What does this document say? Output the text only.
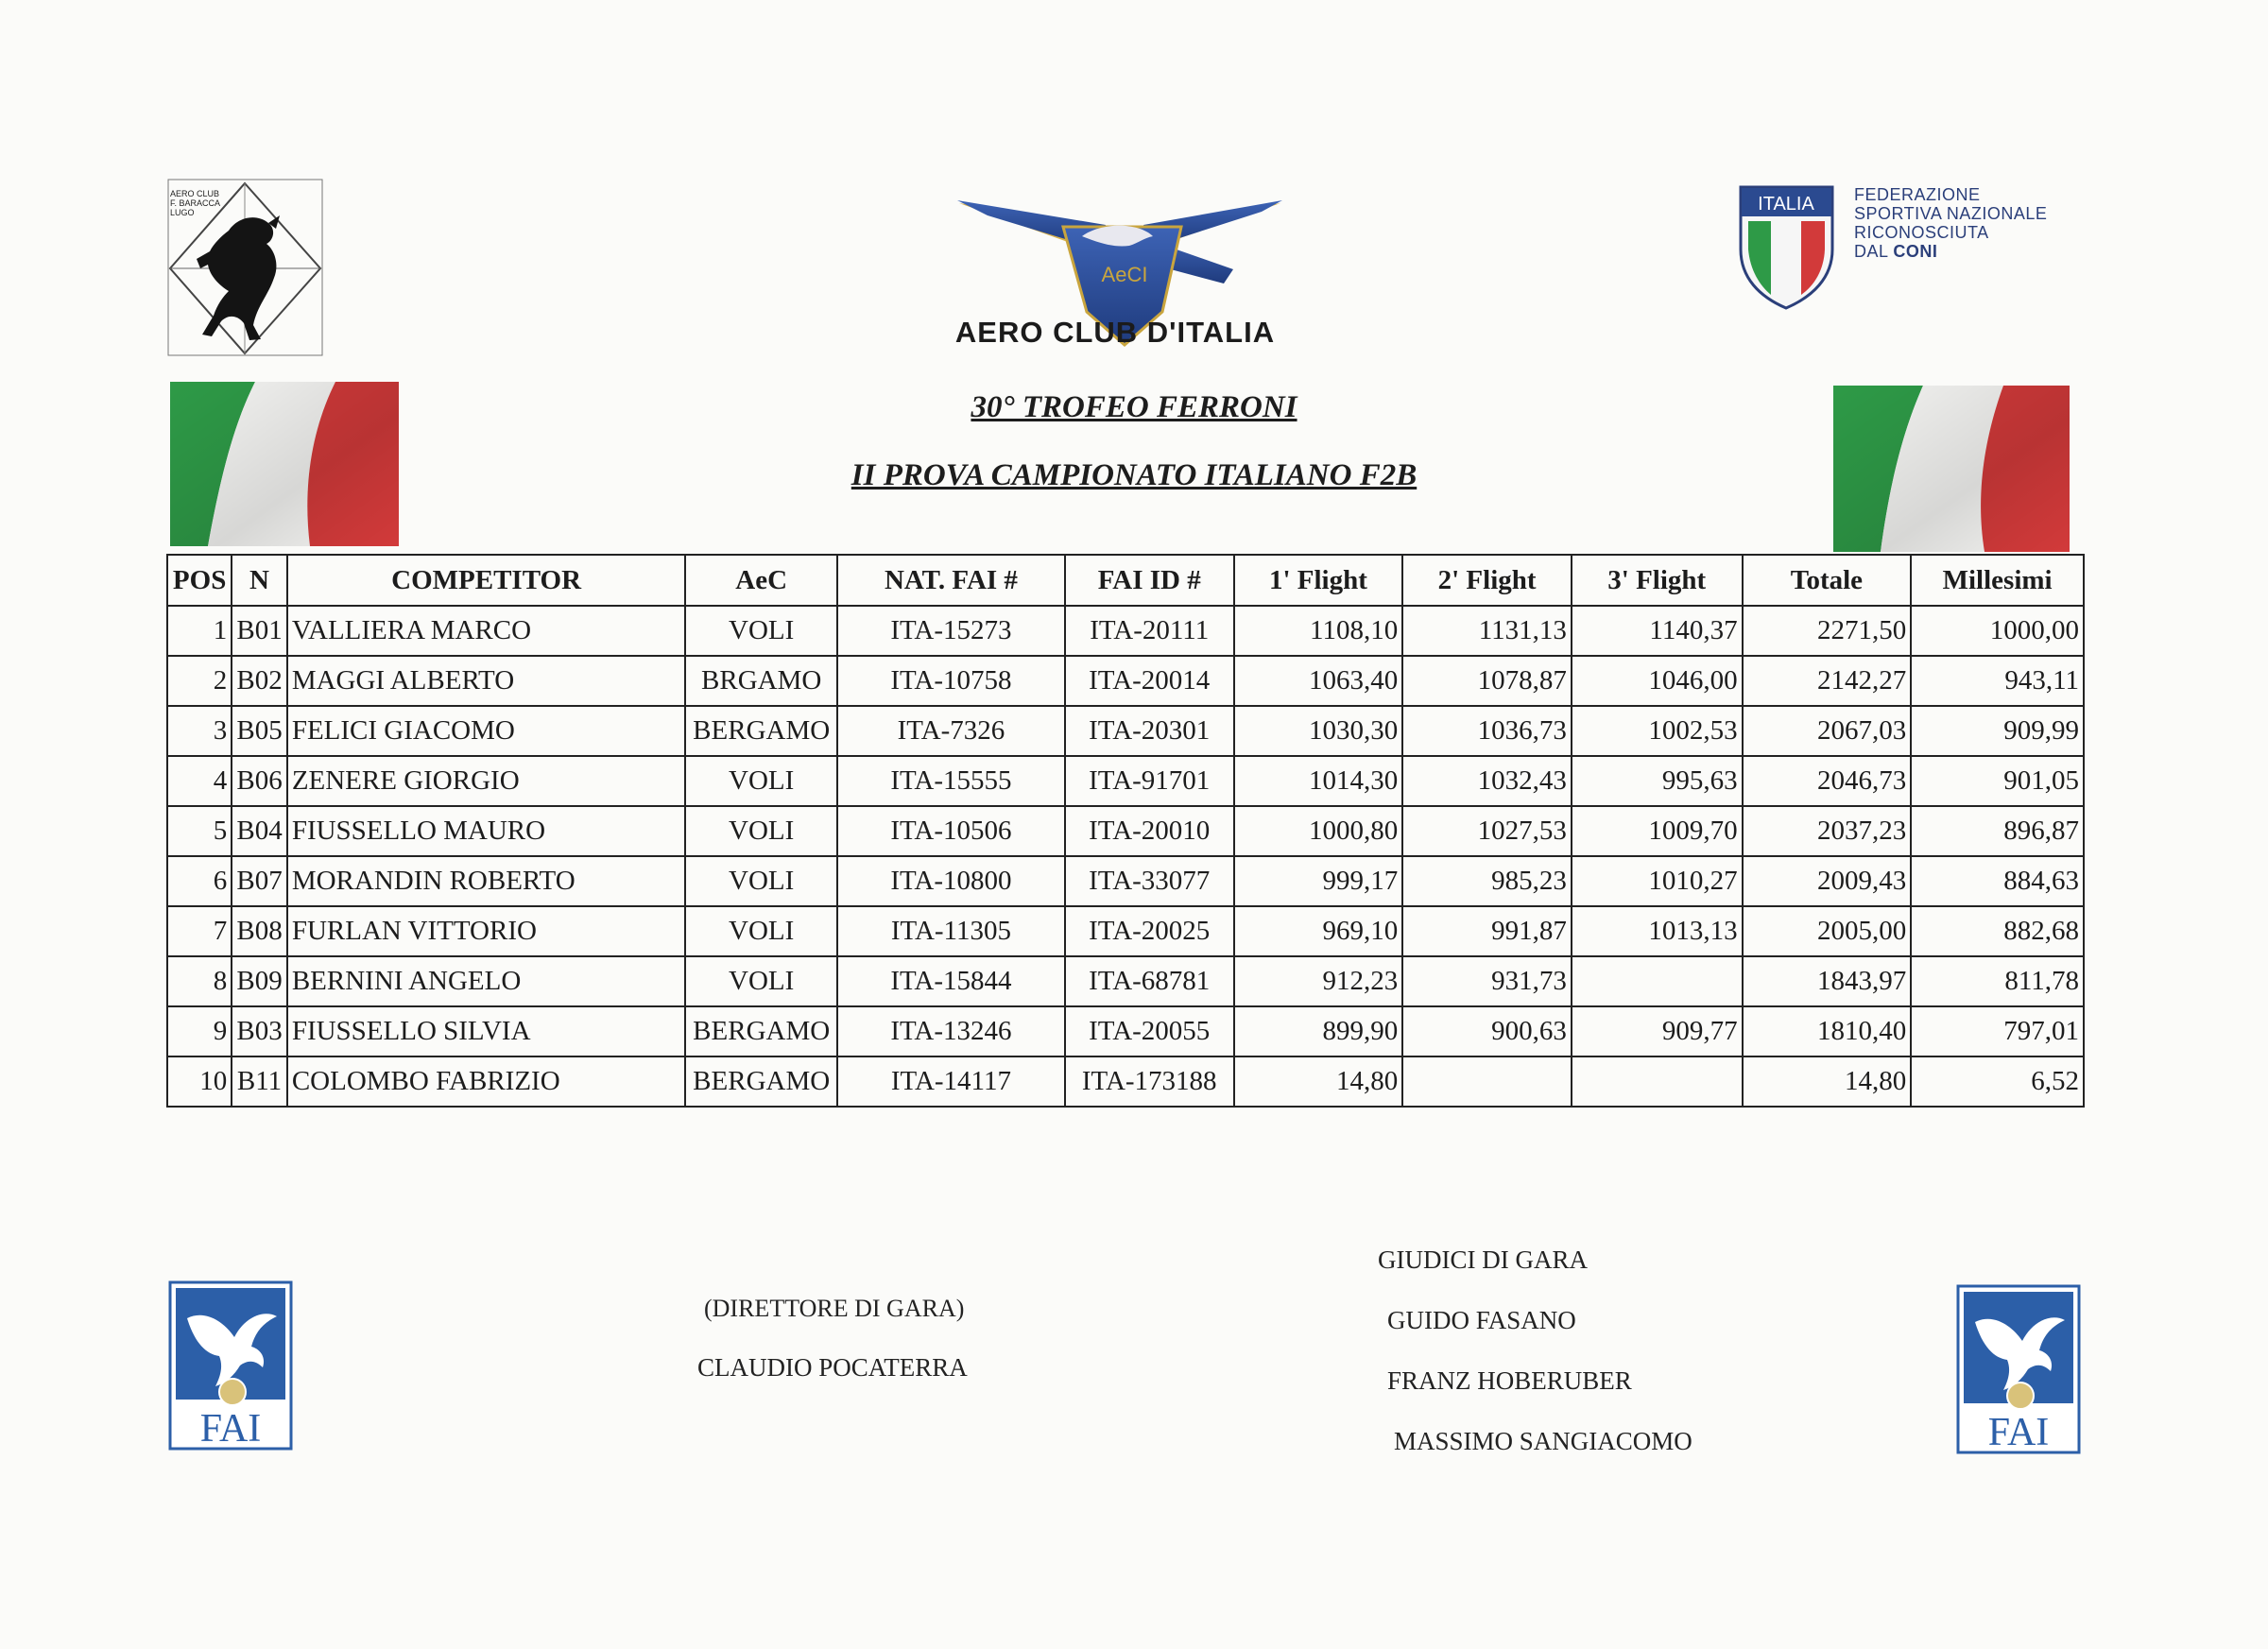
AERO CLUB
F. BARACCA
LUGO
AeCI
AERO CLUB D'ITALIA
ITALIA FEDERAZIONE
SPORTIVA NAZIONALE
RICONOSCIUTA
DAL CONI
30° TROFEO FERRONI
II PROVA CAMPIONATO ITALIANO F2B
POS	N	COMPETITOR	AeC	NAT. FAI #	FAI ID #	1' Flight	2' Flight	3' Flight	Totale	Millesimi
1	B01	VALLIERA MARCO	VOLI	ITA-15273	ITA-20111	1108,10	1131,13	1140,37	2271,50	1000,00
2	B02	MAGGI ALBERTO	BRGAMO	ITA-10758	ITA-20014	1063,40	1078,87	1046,00	2142,27	943,11
3	B05	FELICI GIACOMO	BERGAMO	ITA-7326	ITA-20301	1030,30	1036,73	1002,53	2067,03	909,99
4	B06	ZENERE GIORGIO	VOLI	ITA-15555	ITA-91701	1014,30	1032,43	995,63	2046,73	901,05
5	B04	FIUSSELLO MAURO	VOLI	ITA-10506	ITA-20010	1000,80	1027,53	1009,70	2037,23	896,87
6	B07	MORANDIN ROBERTO	VOLI	ITA-10800	ITA-33077	999,17	985,23	1010,27	2009,43	884,63
7	B08	FURLAN VITTORIO	VOLI	ITA-11305	ITA-20025	969,10	991,87	1013,13	2005,00	882,68
8	B09	BERNINI ANGELO	VOLI	ITA-15844	ITA-68781	912,23	931,73		1843,97	811,78
9	B03	FIUSSELLO SILVIA	BERGAMO	ITA-13246	ITA-20055	899,90	900,63	909,77	1810,40	797,01
10	B11	COLOMBO FABRIZIO	BERGAMO	ITA-14117	ITA-173188	14,80			14,80	6,52
(DIRETTORE DI GARA)
CLAUDIO POCATERRA
GIUDICI DI GARA
GUIDO FASANO
FRANZ HOBERUBER
MASSIMO SANGIACOMO
FAI	FAI
